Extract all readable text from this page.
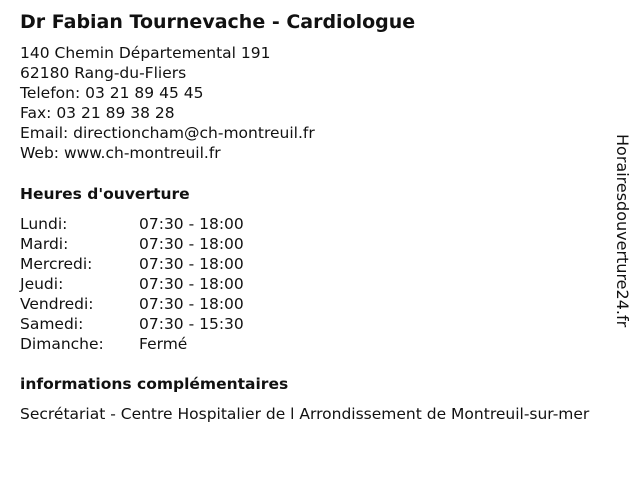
Dr Fabian Tournevache - Cardiologue
140 Chemin Départemental 191
62180 Rang-du-Fliers
Telefon: 03 21 89 45 45
Fax: 03 21 89 38 28
Email: directioncham@ch-montreuil.fr
Web: www.ch-montreuil.fr
Heures d'ouverture
Lundi:	07:30 - 18:00
Mardi:	07:30 - 18:00
Mercredi:	07:30 - 18:00
Jeudi:	07:30 - 18:00
Vendredi:	07:30 - 18:00
Samedi:	07:30 - 15:30
Dimanche:	Fermé
informations complémentaires
Secrétariat - Centre Hospitalier de l Arrondissement de Montreuil-sur-mer
Horairesdouverture24.fr
